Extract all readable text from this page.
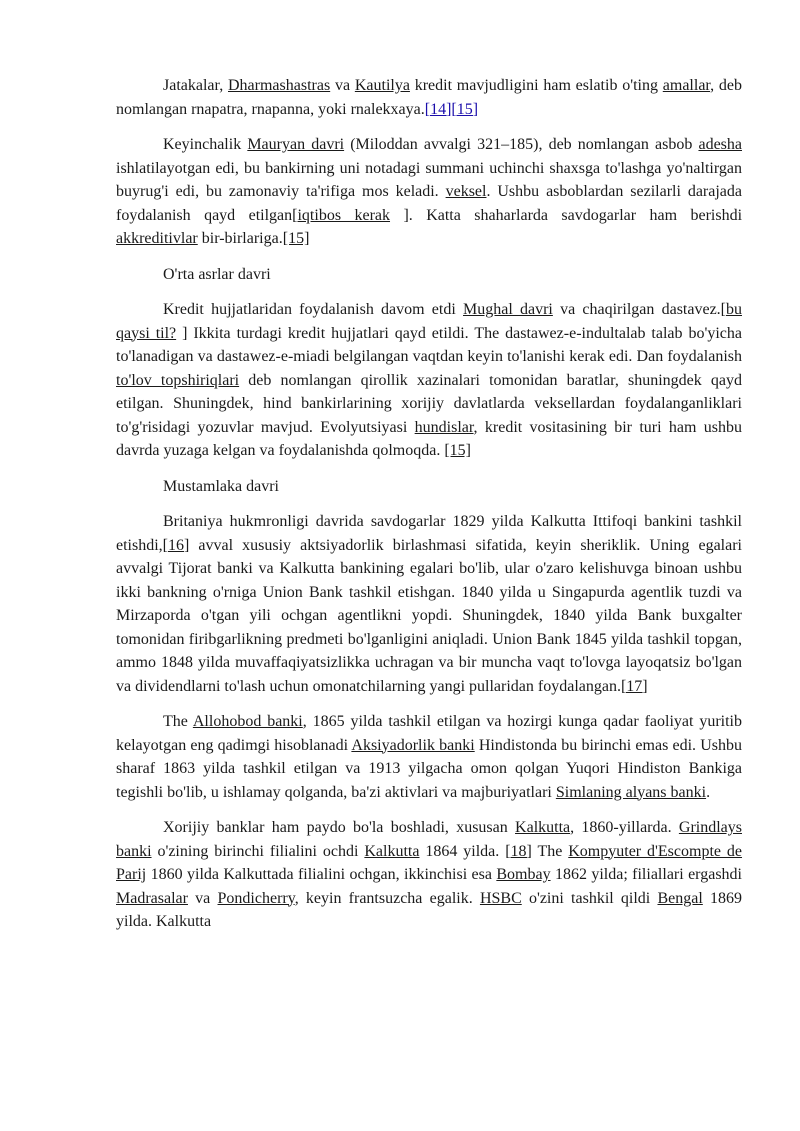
Jatakalar, Dharmashastras va Kautilya kredit mavjudligini ham eslatib o'ting amallar, deb nomlangan rnapatra, rnapanna, yoki rnalekxaya.[14][15]

Keyinchalik Mauryan davri (Miloddan avvalgi 321–185), deb nomlangan asbob adesha ishlatilayotgan edi, bu bankirning uni notadagi summani uchinchi shaxsga to'lashga yo'naltirgan buyrug'i edi, bu zamonaviy ta'rifiga mos keladi. veksel. Ushbu asboblardan sezilarli darajada foydalanish qayd etilgan[iqtibos kerak ]. Katta shaharlarda savdogarlar ham berishdi akkreditivlar bir-birlariga.[15]

O'rta asrlar davri

Kredit hujjatlaridan foydalanish davom etdi Mughal davri va chaqirilgan dastavez.[bu qaysi til? ] Ikkita turdagi kredit hujjatlari qayd etildi. The dastawez-e-indultalab talab bo'yicha to'lanadigan va dastawez-e-miadi belgilangan vaqtdan keyin to'lanishi kerak edi. Dan foydalanish to'lov topshiriqlari deb nomlangan qirollik xazinalari tomonidan baratlar, shuningdek qayd etilgan. Shuningdek, hind bankirlarining xorijiy davlatlarda veksellardan foydalanganliklari to'g'risidagi yozuvlar mavjud. Evolyutsiyasi hundislar, kredit vositasining bir turi ham ushbu davrda yuzaga kelgan va foydalanishda qolmoqda. [15]

Mustamlaka davri

Britaniya hukmronligi davrida savdogarlar 1829 yilda Kalkutta Ittifoqi bankini tashkil etishdi,[16] avval xususiy aktsiyadorlik birlashmasi sifatida, keyin sheriklik. Uning egalari avvalgi Tijorat banki va Kalkutta bankining egalari bo'lib, ular o'zaro kelishuvga binoan ushbu ikki bankning o'rniga Union Bank tashkil etishgan. 1840 yilda u Singapurda agentlik tuzdi va Mirzaporda o'tgan yili ochgan agentlikni yopdi. Shuningdek, 1840 yilda Bank buxgalter tomonidan firibgarlikning predmeti bo'lganligini aniqladi. Union Bank 1845 yilda tashkil topgan, ammo 1848 yilda muvaffaqiyatsizlikka uchragan va bir muncha vaqt to'lovga layoqatsiz bo'lgan va dividendlarni to'lash uchun omonatchilarning yangi pullaridan foydalangan.[17]

The Allohobod banki, 1865 yilda tashkil etilgan va hozirgi kunga qadar faoliyat yuritib kelayotgan eng qadimgi hisoblanadi Aksiyadorlik banki Hindistonda bu birinchi emas edi. Ushbu sharaf 1863 yilda tashkil etilgan va 1913 yilgacha omon qolgan Yuqori Hindiston Bankiga tegishli bo'lib, u ishlamay qolganda, ba'zi aktivlari va majburiyatlari Simlaning alyans banki.

Xorijiy banklar ham paydo bo'la boshladi, xususan Kalkutta, 1860-yillarda. Grindlays banki o'zining birinchi filialini ochdi Kalkutta 1864 yilda. [18] The Kompyuter d'Escompte de Parij 1860 yilda Kalkuttada filialini ochgan, ikkinchisi esa Bombay 1862 yilda; filiallari ergashdi Madrasalar va Pondicherry, keyin frantsuzcha egalik. HSBC o'zini tashkil qildi Bengal 1869 yilda. Kalkutta
